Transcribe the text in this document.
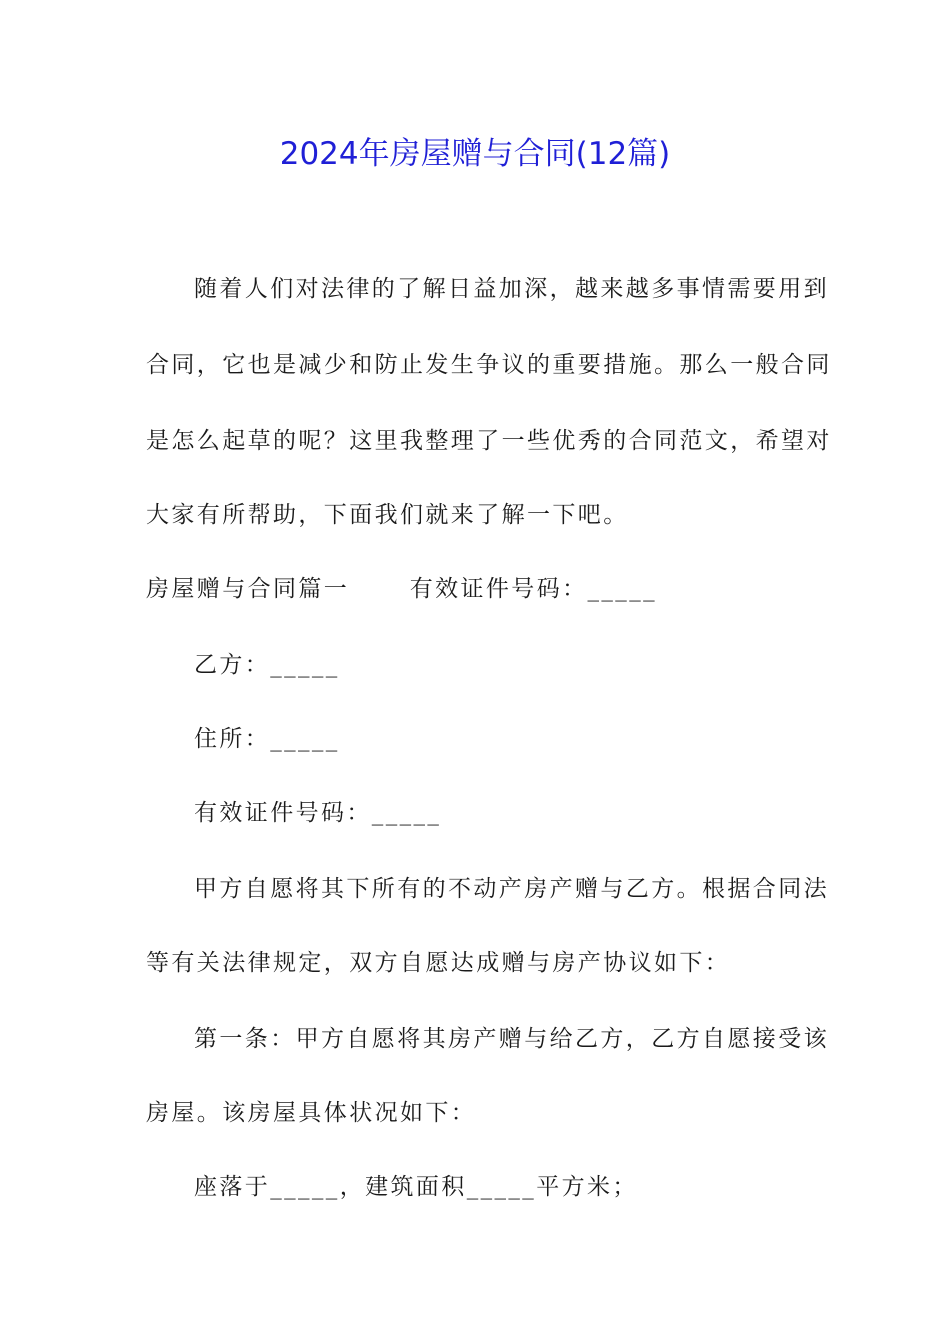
2024年房屋赠与合同(12篇)
随着人们对法律的了解日益加深，越来越多事情需要用到
合同，它也是减少和防止发生争议的重要措施。那么一般合同
是怎么起草的呢？这里我整理了一些优秀的合同范文，希望对
大家有所帮助，下面我们就来了解一下吧。
房屋赠与合同篇一　　 有效证件号码：_____
乙方：_____
住所：_____
有效证件号码：_____
甲方自愿将其下所有的不动产房产赠与乙方。根据合同法
等有关法律规定，双方自愿达成赠与房产协议如下：
第一条：甲方自愿将其房产赠与给乙方，乙方自愿接受该
房屋。该房屋具体状况如下：
座落于_____，建筑面积_____平方米；
